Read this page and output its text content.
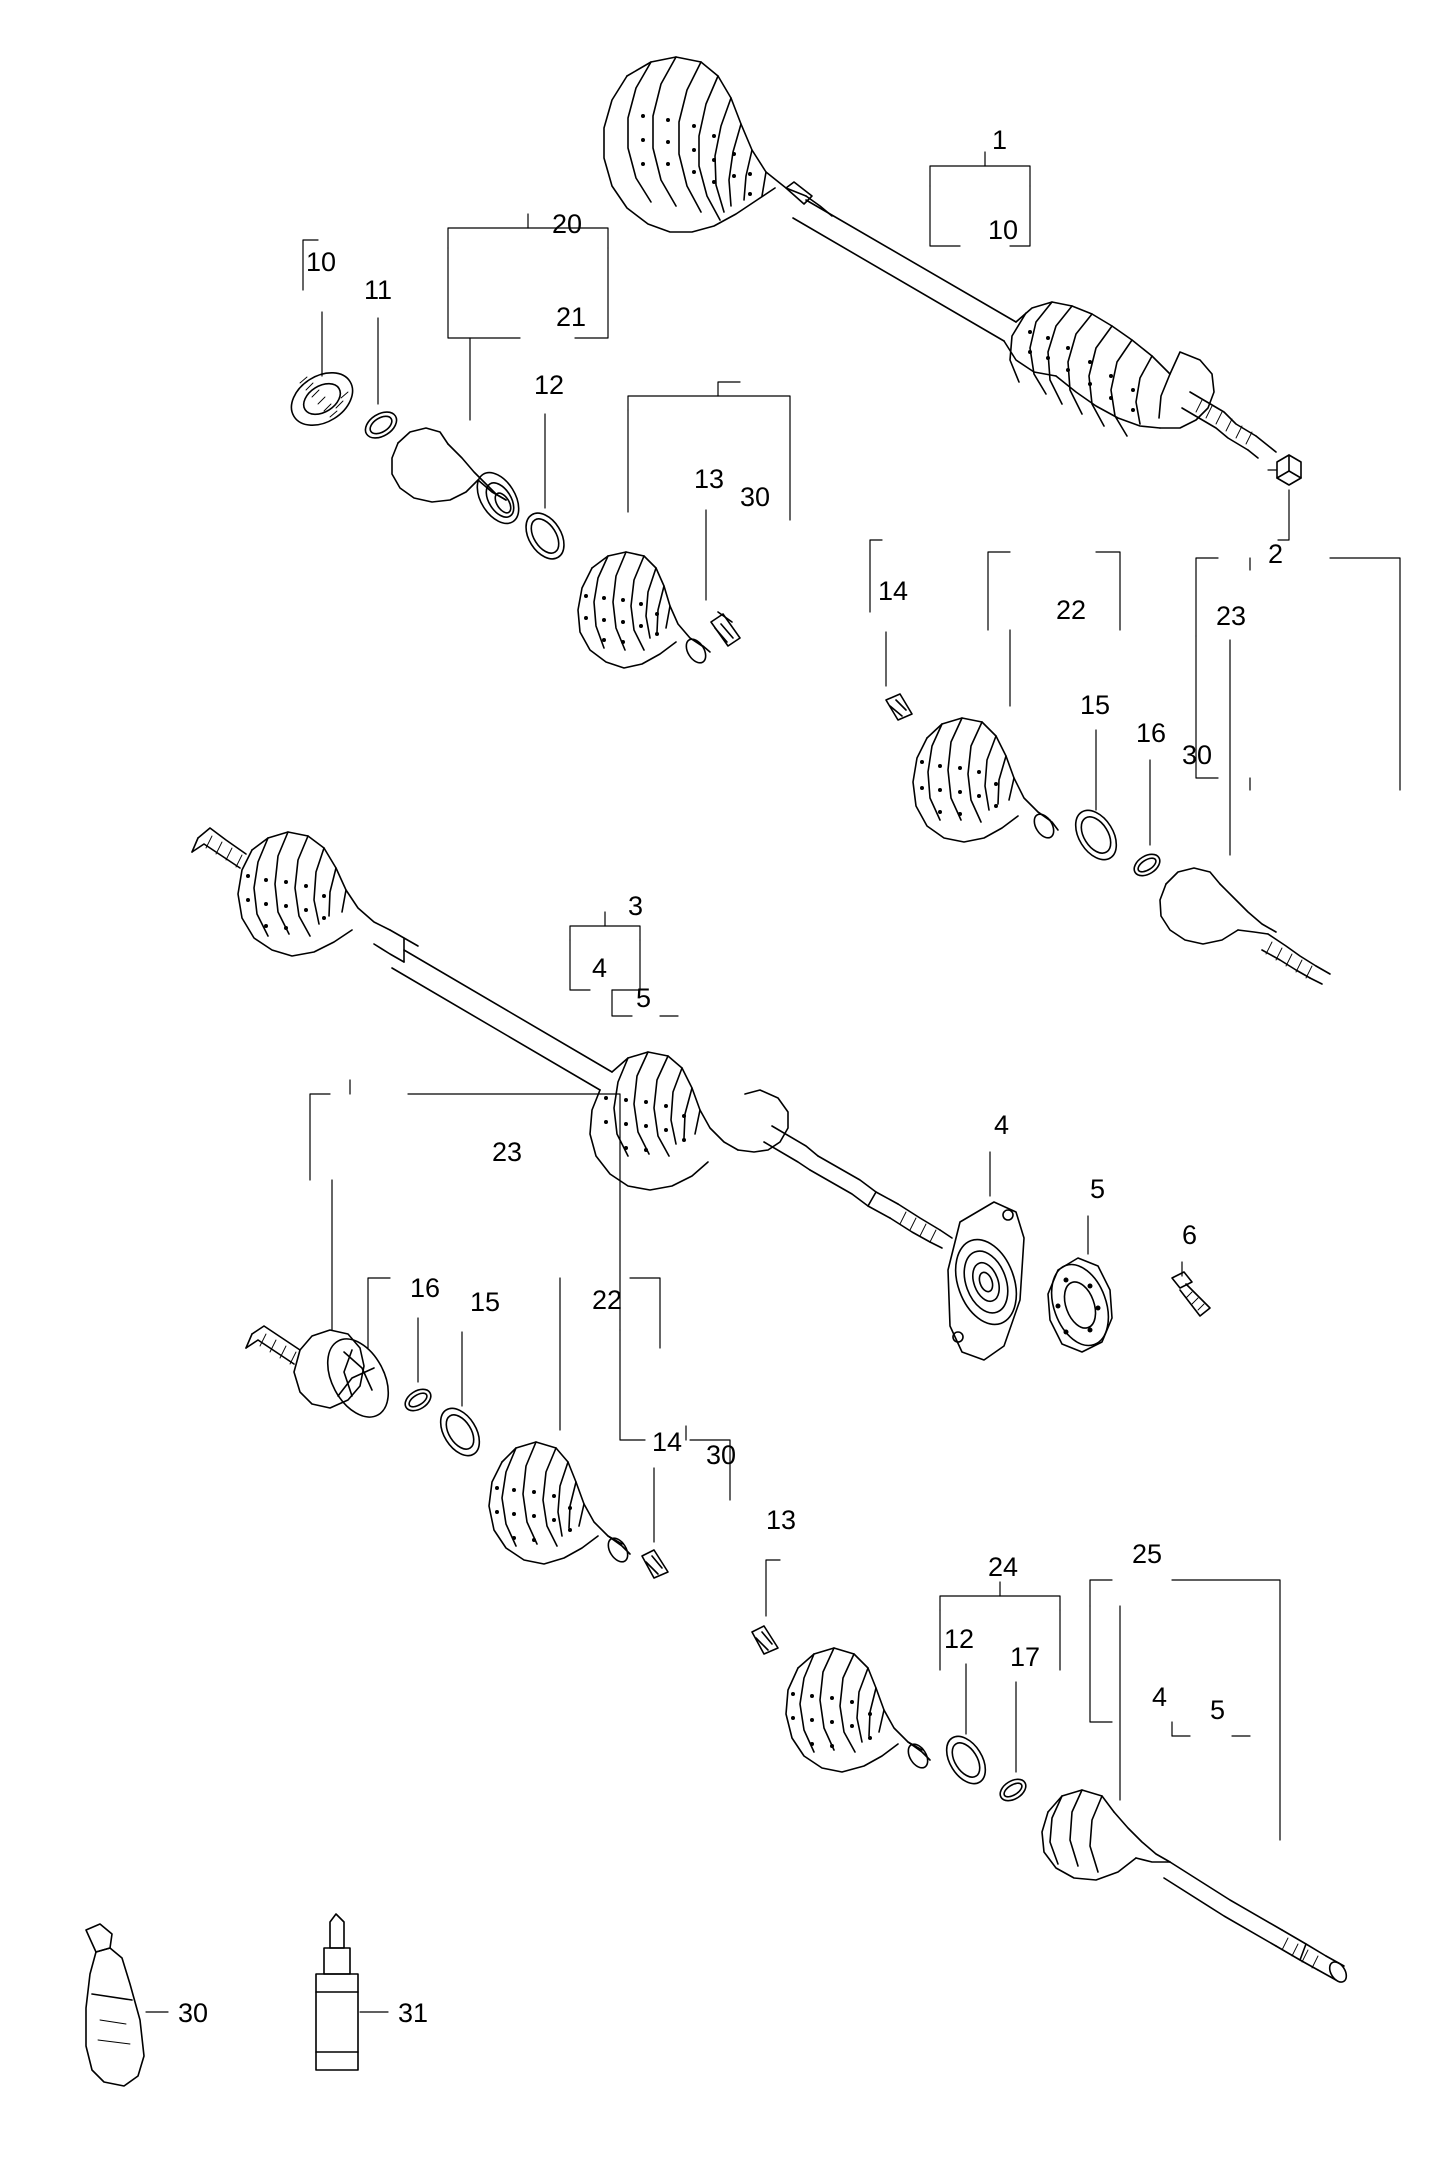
1
10
20
10
11
21
12
13
30
2
14
22	23
15
16
30
3
4
5
23
4
5
6
16 15	22
14 30
13
24	25
12
17
4 5
30	31
